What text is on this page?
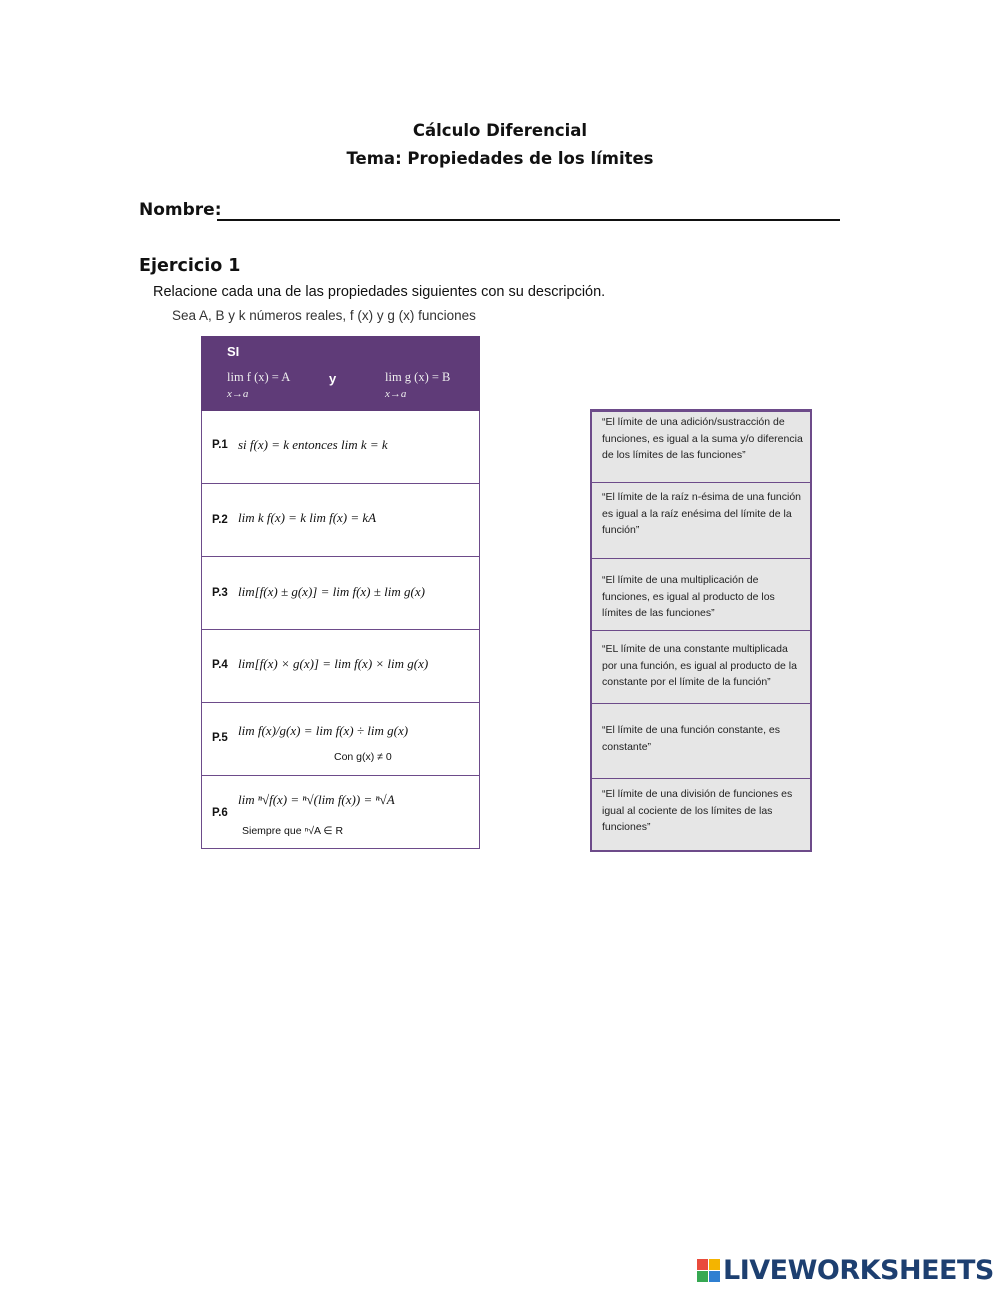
Cálculo Diferencial
Tema: Propiedades de los límites
Nombre:
Ejercicio 1
Relacione cada una de las propiedades siguientes con su descripción.
Sea A, B y k números reales, f (x) y g (x) funciones
SI
lim f (x) = A	y	lim g (x) = B
x→a	x→a
P.1 si f(x) = k entonces lim k = k
P.2 lim k f(x) = k lim f(x) = kA
P.3 lim[f(x) ± g(x)] = lim f(x) ± lim g(x)
P.4 lim[f(x) × g(x)] = lim f(x) × lim g(x)
P.5 lim f(x)/g(x) = lim f(x) ÷ lim g(x)
Con g(x) ≠ 0
P.6
lim ⁿ√f(x) = ⁿ√(lim f(x)) = ⁿ√A
Siempre que ⁿ√A ∈ R
“El límite de una adición/sustracción de funciones, es igual a la suma y/o diferencia de los límites de las funciones”
“El límite de la raíz n-ésima de una función es igual a la raíz enésima del límite de la función”
“El límite de una multiplicación de funciones, es igual al producto de los límites de las funciones”
“EL límite de una constante multiplicada por una función, es igual al producto de la constante por el límite de la función”
“El límite de una función constante, es constante”
“El límite de una división de funciones es igual al cociente de los límites de las funciones”
LIVEWORKSHEETS
